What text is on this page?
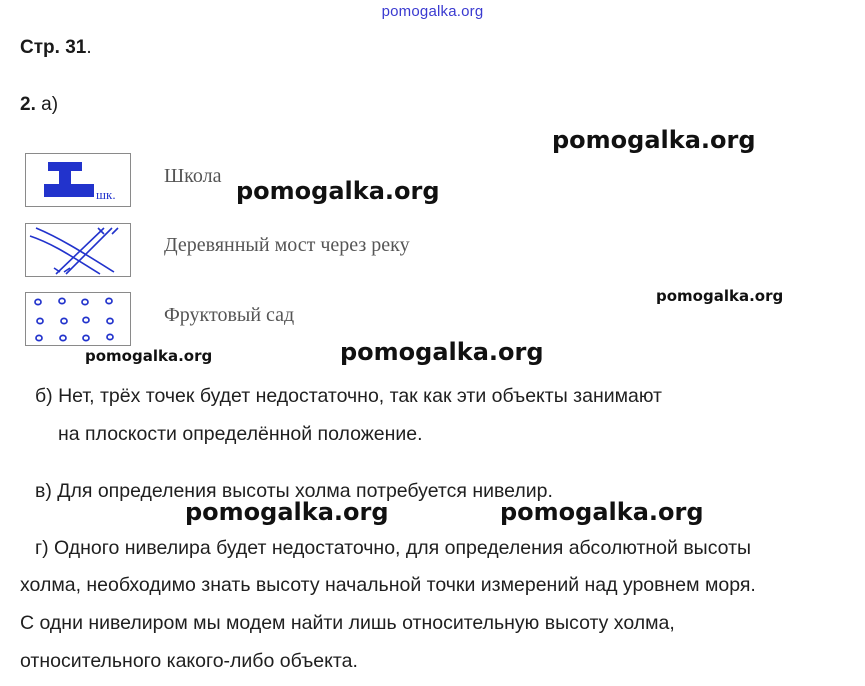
pomogalka.org
Стр. 31.
2. а)
шк.
Школа
Деревянный мост через реку
Фруктовый сад
pomogalka.org
pomogalka.org
pomogalka.org
pomogalka.org
pomogalka.org
pomogalka.org	pomogalka.org
б) Нет, трёх точек будет недостаточно, так как эти объекты занимают
на плоскости определённой положение.
в) Для определения высоты холма потребуется нивелир.
г) Одного нивелира будет недостаточно, для определения абсолютной высоты
холма, необходимо знать высоту начальной точки измерений над уровнем моря.
С одни нивелиром мы модем найти лишь относительную высоту холма,
относительного какого-либо объекта.
